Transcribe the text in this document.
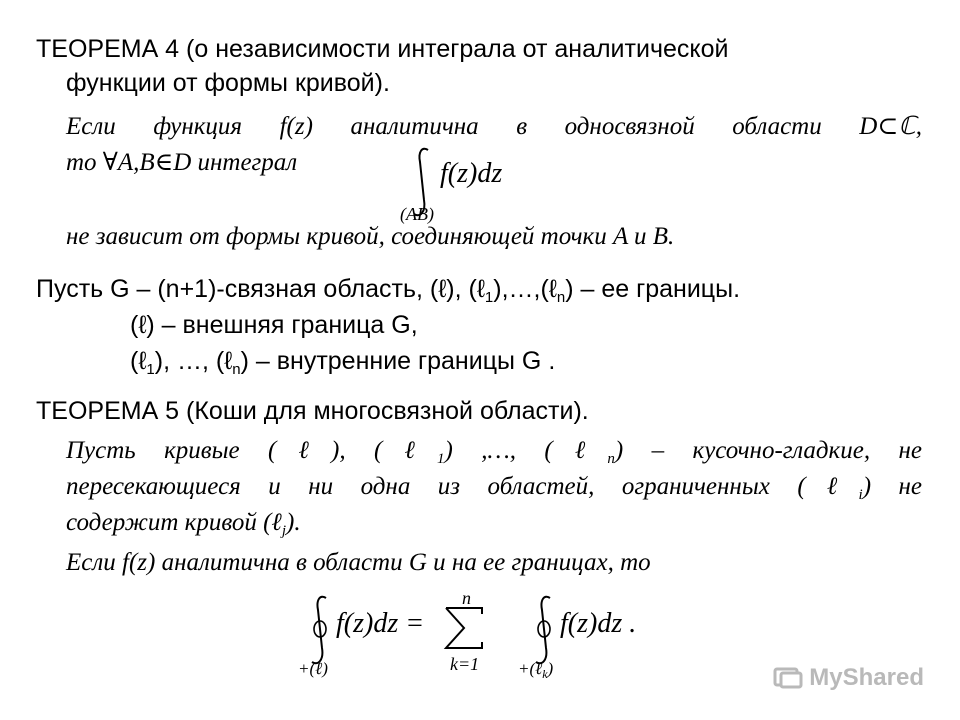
ТЕОРЕМА 4 (о независимости интеграла от аналитической
функции от формы кривой).
Если функция f(z) аналитична в односвязной области D⊂ℂ,
то ∀A,B∈D интеграл	f(z)dz
(AB)
не зависит от формы кривой, соединяющей точки A и B.
Пусть G – (n+1)-связная область, (ℓ), (ℓ$_1$),…,(ℓ$_n$) – ее границы.
(ℓ) – внешняя граница G,
(ℓ$_1$), …, (ℓ$_n$) – внутренние границы G .
ТЕОРЕМА 5 (Коши для многосвязной области).
Пусть кривые (ℓ), (ℓ$_1$) ,…, (ℓ$_n$) – кусочно-гладкие, не
пересекающиеся и ни одна из областей, ограниченных (ℓ$_i$) не
содержит кривой (ℓ$_j$).
Если f(z) аналитична в области G и на ее границах, то
f(z)dz =
+(ℓ)
n
k=1
f(z)dz .
+(ℓ$_k$)	MyShared
